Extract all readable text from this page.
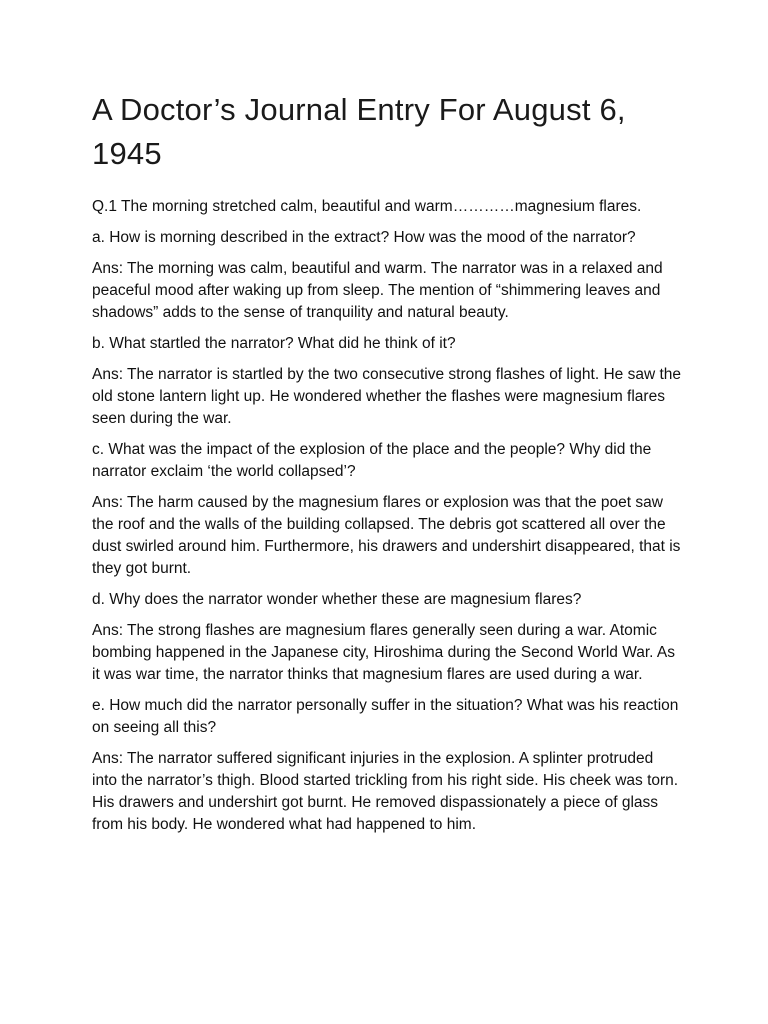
A Doctor’s Journal Entry For August 6, 1945

Q.1 The morning stretched calm, beautiful and warm…………magnesium flares.

a. How is morning described in the extract? How was the mood of the narrator?

Ans: The morning was calm, beautiful and warm. The narrator was in a relaxed and peaceful mood after waking up from sleep. The mention of “shimmering leaves and shadows” adds to the sense of tranquility and natural beauty.

b. What startled the narrator? What did he think of it?

Ans: The narrator is startled by the two consecutive strong flashes of light. He saw the old stone lantern light up. He wondered whether the flashes were magnesium flares seen during the war.

c. What was the impact of the explosion of the place and the people? Why did the narrator exclaim ‘the world collapsed’?

Ans: The harm caused by the magnesium flares or explosion was that the poet saw the roof and the walls of the building collapsed. The debris got scattered all over the dust swirled around him. Furthermore, his drawers and undershirt disappeared, that is they got burnt.

d. Why does the narrator wonder whether these are magnesium flares?

Ans: The strong flashes are magnesium flares generally seen during a war. Atomic bombing happened in the Japanese city, Hiroshima during the Second World War. As it was war time, the narrator thinks that magnesium flares are used during a war.

e. How much did the narrator personally suffer in the situation? What was his reaction on seeing all this?

Ans: The narrator suffered significant injuries in the explosion. A splinter protruded into the narrator’s thigh. Blood started trickling from his right side. His cheek was torn. His drawers and undershirt got burnt. He removed dispassionately a piece of glass from his body. He wondered what had happened to him.
